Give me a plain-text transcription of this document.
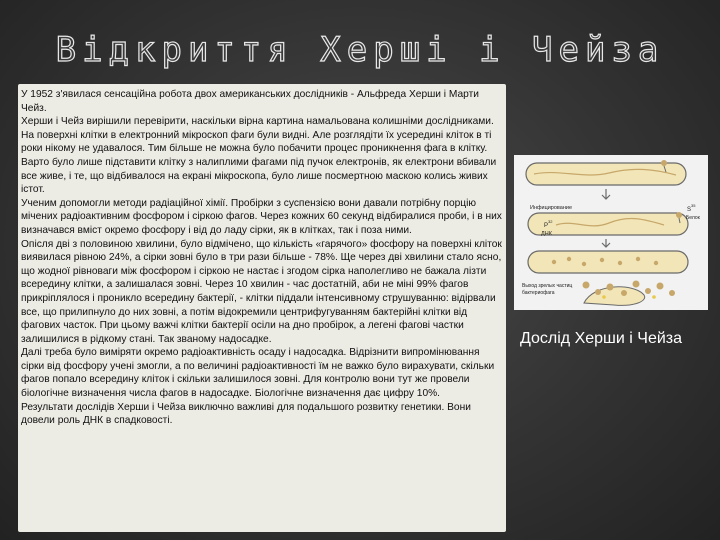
Відкриття Херші і Чейза

У 1952 з'явилася сенсаційна робота двох американських дослідників - Альфреда Херши і Марти Чейз.

Херши і Чейз вирішили перевірити, наскільки вірна картина намальована колишніми дослідниками. На поверхні клітки в електронний мікроскоп фаги були видні. Але розглядіти їх усередині кліток в ті роки нікому не удавалося. Тим більше не можна було побачити процес проникнення фага в клітку. Варто було лише підставити клітку з налиплими фагами під пучок електронів, як електрони вбивали все живе, і те, що відбивалося на екрані мікроскопа, було лише посмертною маскою колись живих істот.

Ученим допомогли методи радіаційної хімії. Пробірки з суспензією вони давали потрібну порцію мічених радіоактивним фосфором і сіркою фагов. Через кожних 60 секунд відбиралися проби, і в них визначався вміст окремо фосфору і від до ладу сірки, як в клітках, так і поза ними.

Опісля дві з половиною хвилини, було відмічено, що кількість «гарячого» фосфору на поверхні кліток виявилася рівною 24%, а сірки зовні було в три рази більше - 78%. Ще через дві хвилини стало ясно, що жодної рівноваги між фосфором і сіркою не настає і згодом сірка наполегливо не бажала лізти всередину клітки, а залишалася зовні. Через 10 хвилин - час достатній, аби не міні 99% фагов прикріплялося і проникло всередину бактерії, - клітки піддали інтенсивному струшуванню: відірвали все, що прилипнуло до них зовні, а потім відокремили центрифугуванням бактерійні клітки від фагових часток. При цьому важчі клітки бактерії осіли на дно пробірок, а легені фагові частки залишилися в рідкому стані. Так званому надосадке.

Далі треба було виміряти окремо радіоактивність осаду і надосадка. Відрізнити випромінювання сірки від фосфору учені змогли, а по величині радіоактивності їм не важко було вирахувати, скільки фагов попало всередину кліток і скільки залишилося зовні. Для контролю вони тут же провели біологічне визначення числа фагов в надосадке. Біологічне визначення дає цифру 10%.

Результати дослідів Херши і Чейза виключно важливі для подальшого розвитку генетики. Вони довели роль ДНК в спадковості.

Инфицирование
P
32
ДНК
S
35
Белок
Выход зрелых частиц
бактериофага
Дослід Херши і Чейза
